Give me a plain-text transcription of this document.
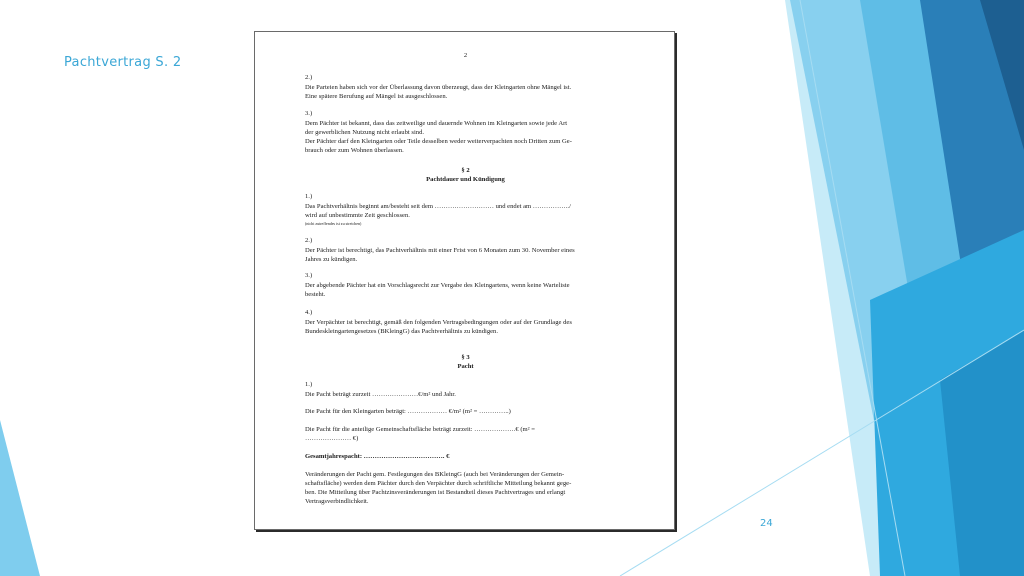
Pachtvertrag S. 2	2
2.)
Die Parteien haben sich vor der Überlassung davon überzeugt, dass der Kleingarten ohne Mängel ist.
Eine spätere Berufung auf Mängel ist ausgeschlossen.
3.)
Dem Pächter ist bekannt, dass das zeitweilige und dauernde Wohnen im Kleingarten sowie jede Art
der gewerblichen Nutzung nicht erlaubt sind.
Der Pächter darf den Kleingarten oder Teile desselben weder weiterverpachten noch Dritten zum Ge-
brauch oder zum Wohnen überlassen.
§ 2
Pachtdauer und Kündigung
1.)
Das Pachtverhältnis beginnt am/besteht seit dem ……………………… und endet am ……………../
wird auf unbestimmte Zeit geschlossen.
(nicht zutreffendes ist zu streichen)
2.)
Der Pächter ist berechtigt, das Pachtverhältnis mit einer Frist von 6 Monaten zum 30. November eines
Jahres zu kündigen.
3.)
Der abgebende Pächter hat ein Vorschlagsrecht zur Vergabe des Kleingartens, wenn keine Warteliste
besteht.
4.)
Der Verpächter ist berechtigt, gemäß den folgenden Vertragsbedingungen oder auf der Grundlage des
Bundeskleingartengesetzes (BKleingG) das Pachtverhältnis zu kündigen.
§ 3
Pacht
1.)
Die Pacht beträgt zurzeit …………………€/m² und Jahr.
Die Pacht für den Kleingarten beträgt: ……………… €/m² (m² = …………..)
Die Pacht für die anteilige Gemeinschaftsfläche beträgt zurzeit: ……………….€ (m² =
………………… €)
Gesamtjahrespacht: ………………………………. €
Veränderungen der Pacht gem. Festlegungen des BKleingG (auch bei Veränderungen der Gemein-
schaftsfläche) werden dem Pächter durch den Verpächter durch schriftliche Mitteilung bekannt gege-
ben. Die Mitteilung über Pachtzinsveränderungen ist Bestandteil dieses Pachtvertrages und erlangt
Vertragsverbindlichkeit.
24
